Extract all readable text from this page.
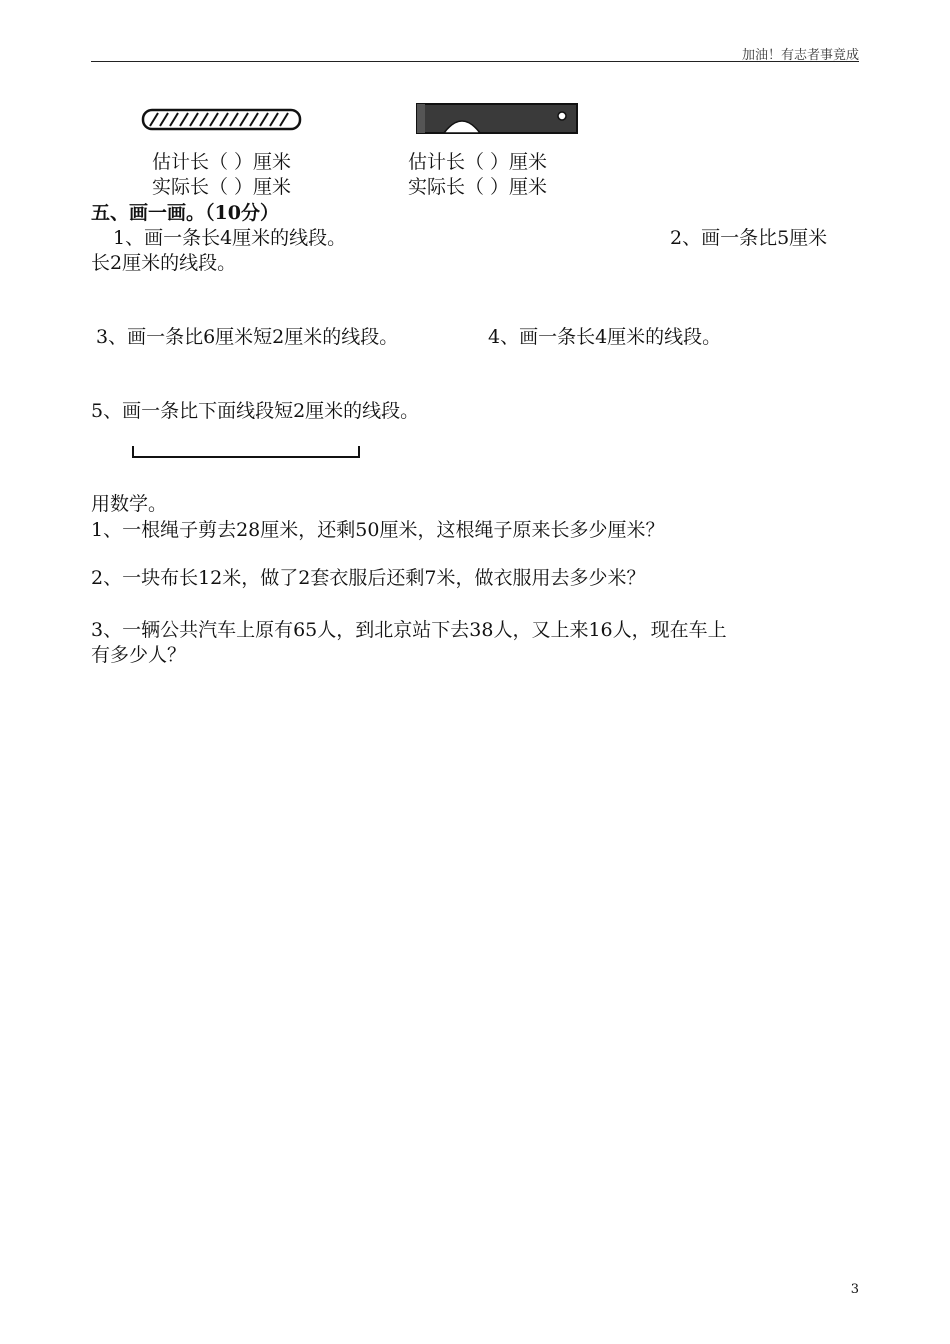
加油！有志者事竟成
估计长（ ）厘米
实际长（ ）厘米
估计长（ ）厘米
实际长（ ）厘米
五、画一画。（10分）
1、画一条长4厘米的线段。	2、画一条比5厘米
长2厘米的线段。
3、画一条比6厘米短2厘米的线段。	4、画一条长4厘米的线段。
5、画一条比下面线段短2厘米的线段。
用数学。
1、一根绳子剪去28厘米，还剩50厘米，这根绳子原来长多少厘米？
2、一块布长12米，做了2套衣服后还剩7米，做衣服用去多少米？
3、一辆公共汽车上原有65人，到北京站下去38人，又上来16人，现在车上
有多少人？
3
